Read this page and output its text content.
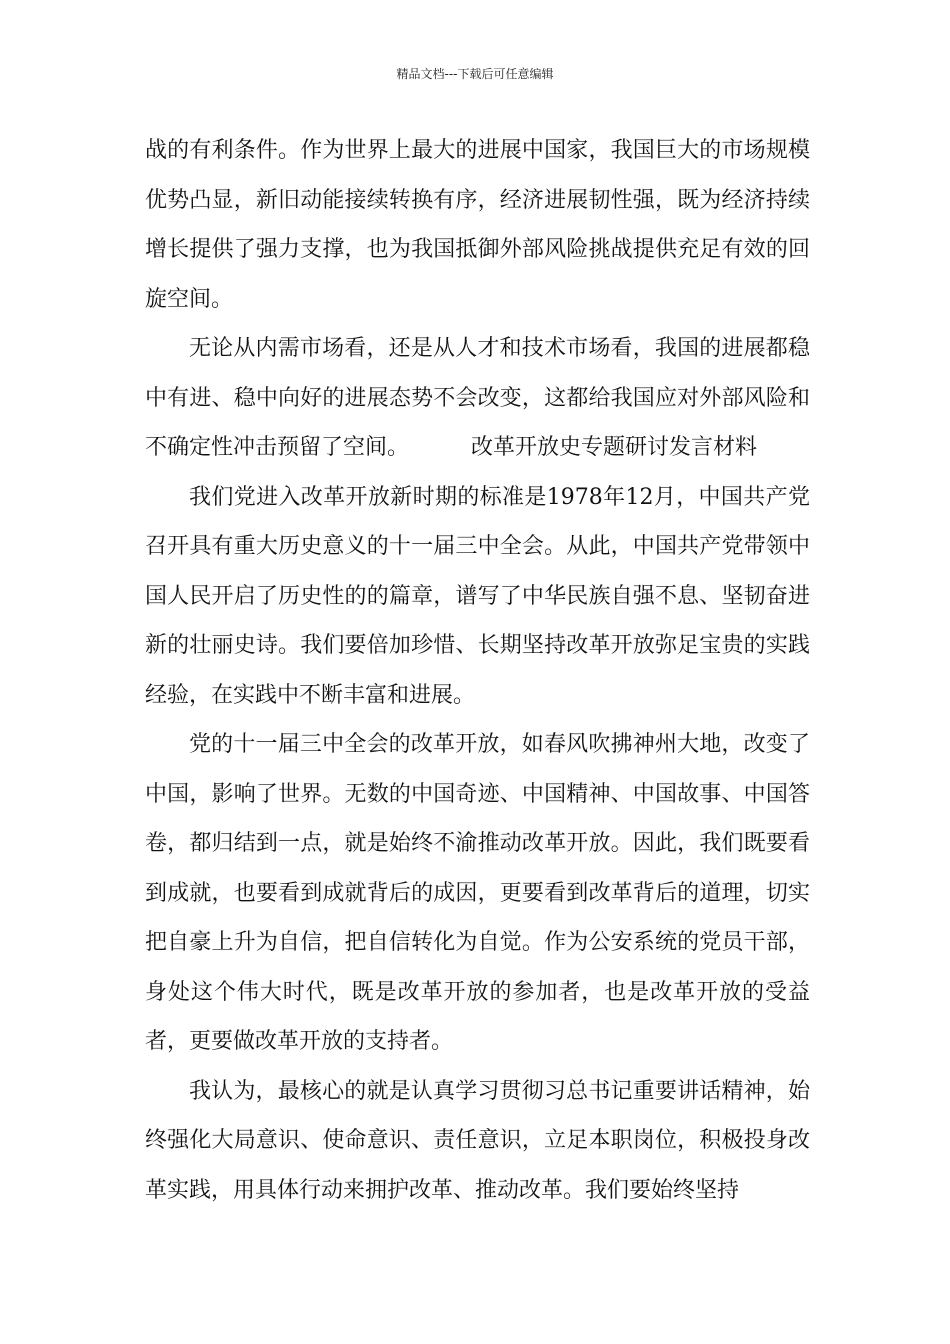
精品文档---下载后可任意编辑

战的有利条件。作为世界上最大的进展中国家，我国巨大的市场规模优势凸显，新旧动能接续转换有序，经济进展韧性强，既为经济持续增长提供了强力支撑，也为我国抵御外部风险挑战提供充足有效的回旋空间。

无论从内需市场看，还是从人才和技术市场看，我国的进展都稳中有进、稳中向好的进展态势不会改变，这都给我国应对外部风险和不确定性冲击预留了空间。	改革开放史专题研讨发言材料

我们党进入改革开放新时期的标准是1978年12月，中国共产党召开具有重大历史意义的十一届三中全会。从此，中国共产党带领中国人民开启了历史性的的篇章，谱写了中华民族自强不息、坚韧奋进新的壮丽史诗。我们要倍加珍惜、长期坚持改革开放弥足宝贵的实践经验，在实践中不断丰富和进展。

党的十一届三中全会的改革开放，如春风吹拂神州大地，改变了中国，影响了世界。无数的中国奇迹、中国精神、中国故事、中国答卷，都归结到一点，就是始终不渝推动改革开放。因此，我们既要看到成就，也要看到成就背后的成因，更要看到改革背后的道理，切实把自豪上升为自信，把自信转化为自觉。作为公安系统的党员干部，身处这个伟大时代，既是改革开放的参加者，也是改革开放的受益者，更要做改革开放的支持者。

我认为，最核心的就是认真学习贯彻习总书记重要讲话精神，始终强化大局意识、使命意识、责任意识，立足本职岗位，积极投身改革实践，用具体行动来拥护改革、推动改革。我们要始终坚持
